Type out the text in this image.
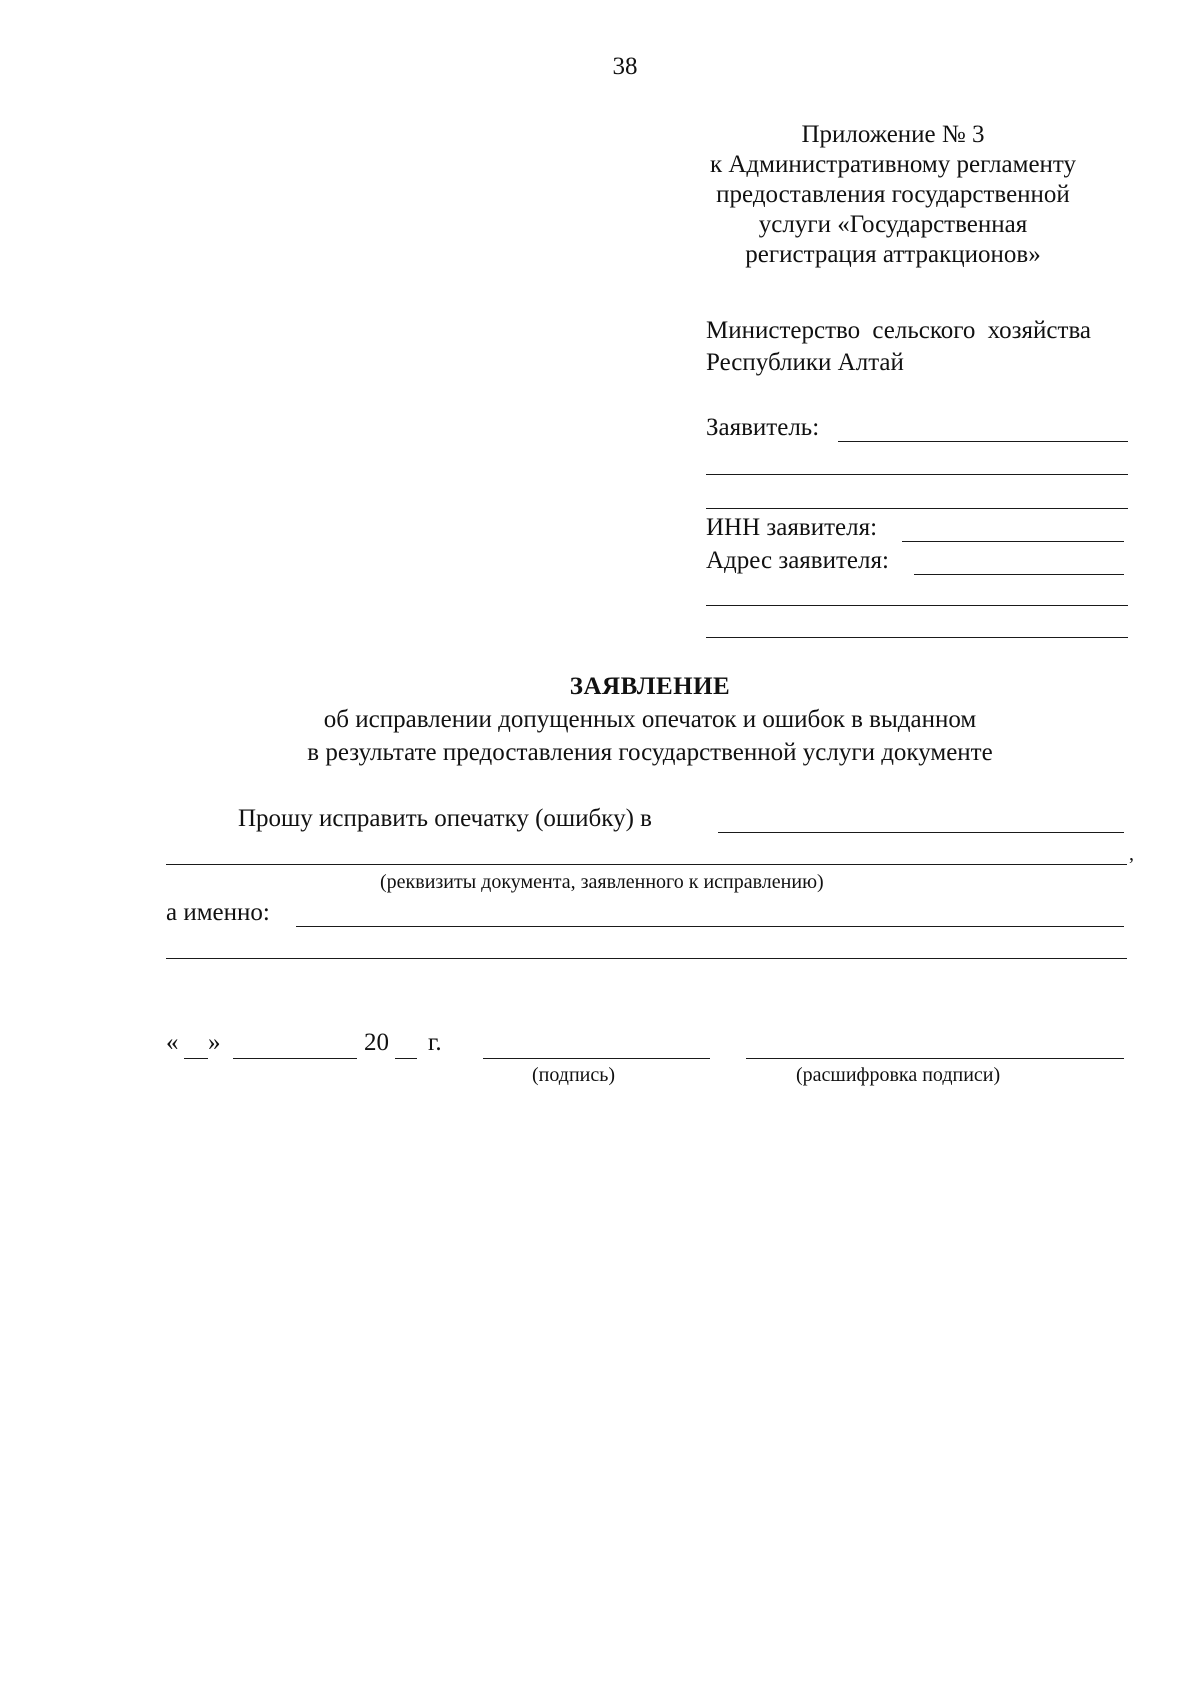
38
Приложение № 3
к Административному регламенту
предоставления государственной
услуги «Государственная
регистрация аттракционов»
Министерство сельского хозяйства
Республики Алтай
Заявитель:
ИНН заявителя:
Адрес заявителя:
ЗАЯВЛЕНИЕ
об исправлении допущенных опечаток и ошибок в выданном
в результате предоставления государственной услуги документе
Прошу исправить опечатку (ошибку) в
,
(реквизиты документа, заявленного к исправлению)
а именно:
« »	20 г.
(подпись)	(расшифровка подписи)
